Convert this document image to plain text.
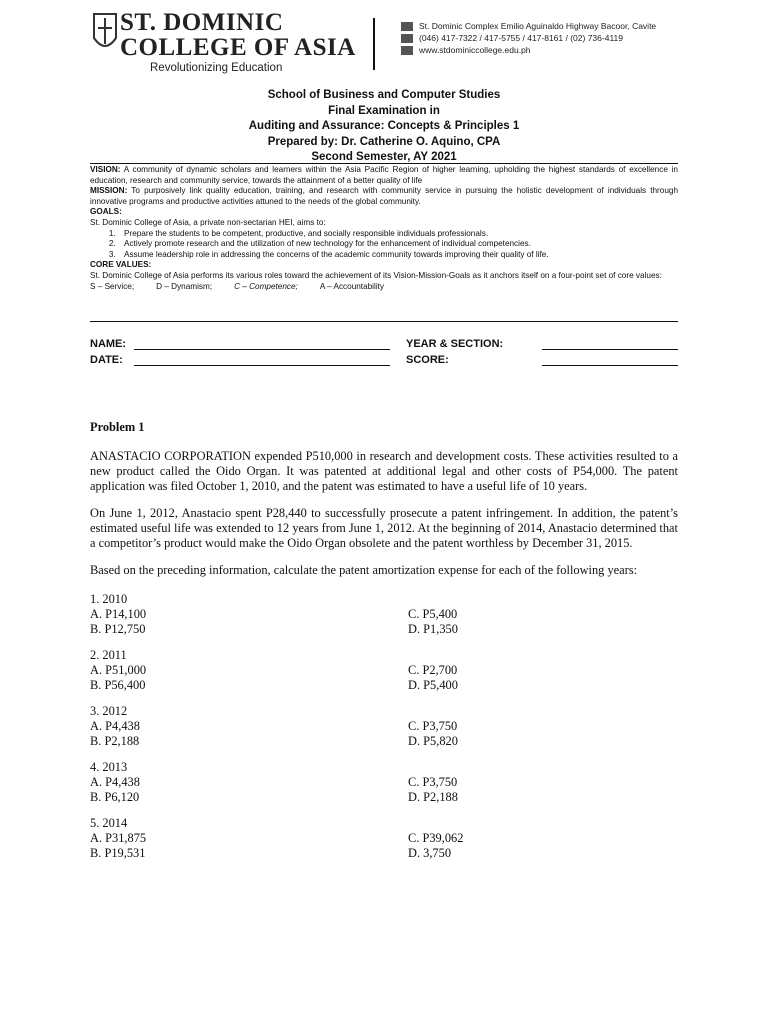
ST. DOMINIC
COLLEGE OF ASIA
Revolutionizing Education
St. Dominic Complex Emilio Aguinaldo Highway Bacoor, Cavite
(046) 417-7322 / 417-5755 / 417-8161 / (02) 736-4119
www.stdominiccollege.edu.ph
School of Business and Computer Studies
Final Examination in
Auditing and Assurance: Concepts & Principles 1
Prepared by: Dr. Catherine O. Aquino, CPA
Second Semester, AY 2021
VISION: A community of dynamic scholars and learners within the Asia Pacific Region of higher learning, upholding the highest standards of excellence in education, research and community service, towards the attainment of a better quality of life
MISSION: To purposively link quality education, training, and research with community service in pursuing the holistic development of individuals through innovative programs and productive activities attuned to the needs of the global community.
GOALS:
St. Dominic College of Asia, a private non-sectarian HEI, aims to:
1. Prepare the students to be competent, productive, and socially responsible individuals professionals.
2. Actively promote research and the utilization of new technology for the enhancement of individual competencies.
3. Assume leadership role in addressing the concerns of the academic community towards improving their quality of life.
CORE VALUES:
St. Dominic College of Asia performs its various roles toward the achievement of its Vision-Mission-Goals as it anchors itself on a four-point set of core values:
S – Service;	D – Dynamism;	C – Competence;	A – Accountability
NAME:	YEAR & SECTION:
DATE:	SCORE:
Problem 1

ANASTACIO CORPORATION expended P510,000 in research and development costs. These activities resulted to a new product called the Oido Organ. It was patented at additional legal and other costs of P54,000. The patent application was filed October 1, 2010, and the patent was estimated to have a useful life of 10 years.

On June 1, 2012, Anastacio spent P28,440 to successfully prosecute a patent infringement. In addition, the patent’s estimated useful life was extended to 12 years from June 1, 2012. At the beginning of 2014, Anastacio determined that a competitor’s product would make the Oido Organ obsolete and the patent worthless by December 31, 2015.

Based on the preceding information, calculate the patent amortization expense for each of the following years:

1. 2010
A. P14,100	C. P5,400
B. P12,750	D. P1,350
2. 2011
A. P51,000	C. P2,700
B. P56,400	D. P5,400
3. 2012
A. P4,438	C. P3,750
B. P2,188	D. P5,820
4. 2013
A. P4,438	C. P3,750
B. P6,120	D. P2,188
5. 2014
A. P31,875	C. P39,062
B. P19,531	D. 3,750
